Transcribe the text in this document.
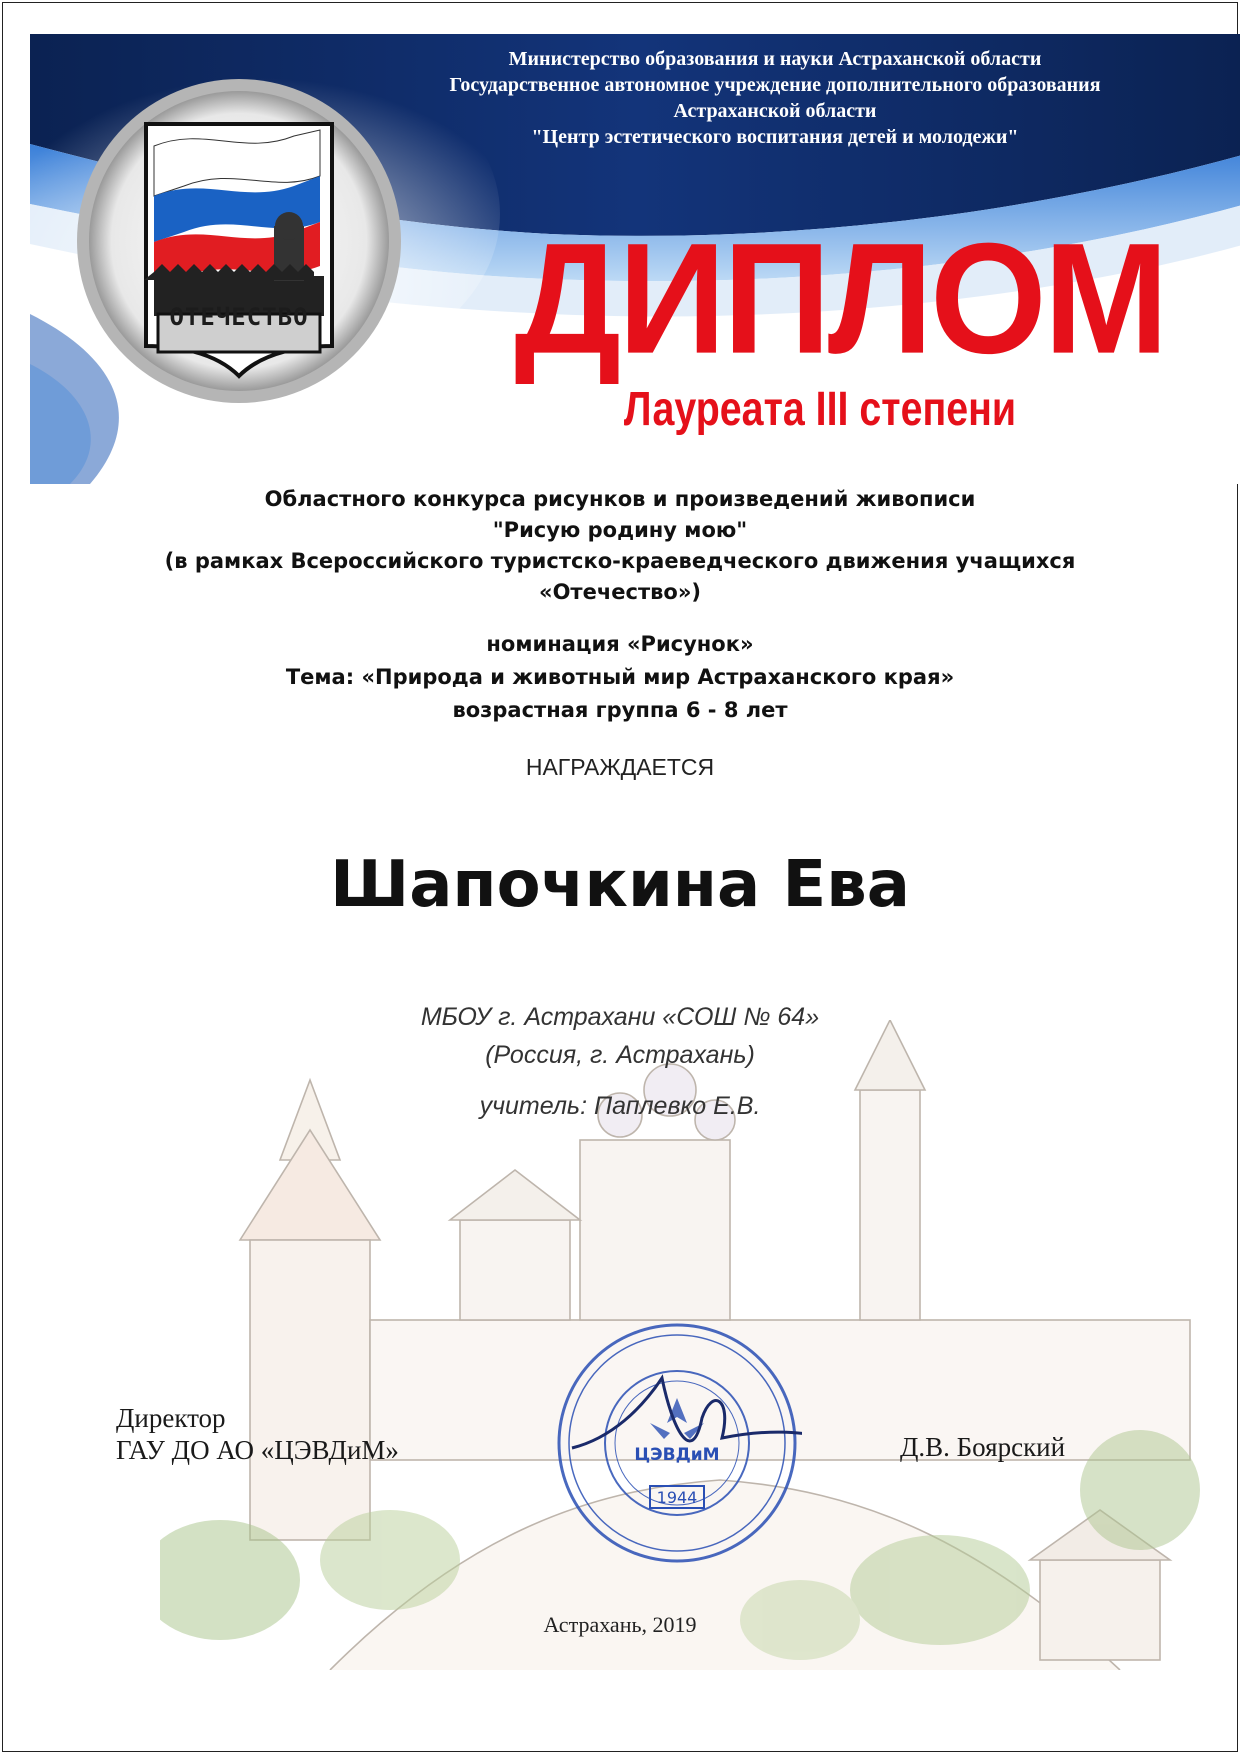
Министерство образования и науки Астраханской области
Государственное автономное учреждение дополнительного образования
Астраханской области
"Центр эстетического воспитания детей и молодежи"
ОТЕЧЕСТВО	ДИПЛОМ
Лауреата III степени
Областного конкурса рисунков и произведений живописи
"Рисую родину мою"
(в рамках Всероссийского туристско-краеведческого движения учащихся
«Отечество»)
номинация «Рисунок»
Тема: «Природа и животный мир Астраханского края»
возрастная группа 6 - 8 лет
НАГРАЖДАЕТСЯ
Шапочкина Ева
МБОУ г. Астрахани «СОШ № 64»
(Россия, г. Астрахань)
учитель: Паплевко Е.В.
Директор
ГАУ ДО АО «ЦЭВДиМ»	ЦЭВДиМ
1944
Д.В. Боярский
Астрахань, 2019
